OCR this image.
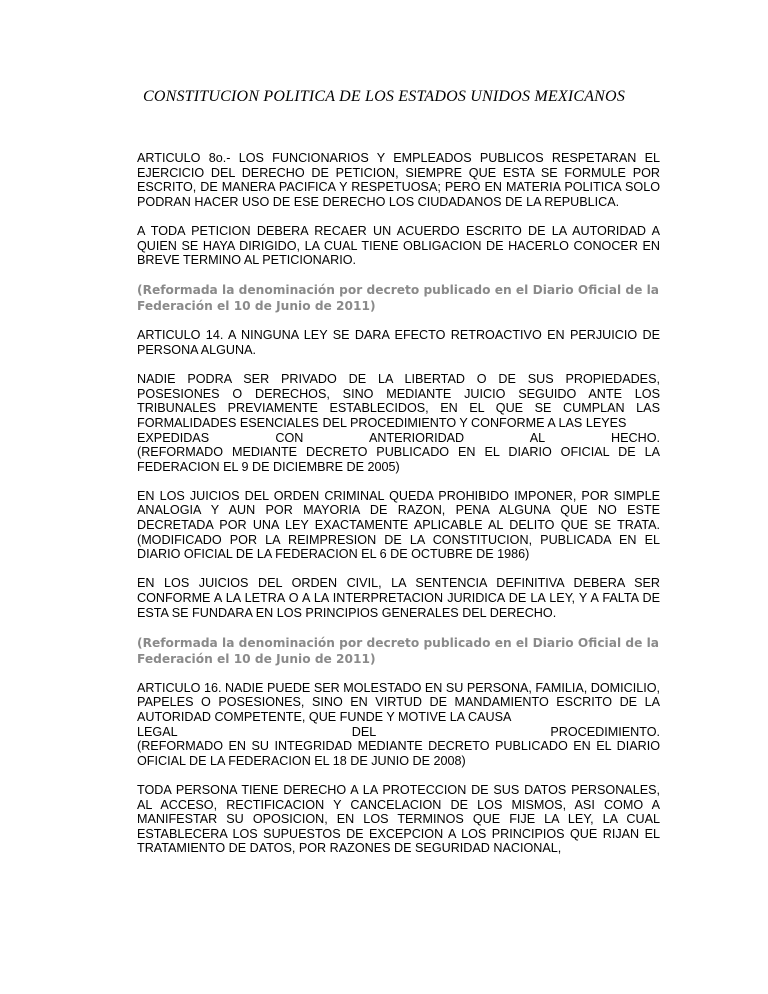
CONSTITUCION POLITICA DE LOS ESTADOS UNIDOS MEXICANOS

ARTICULO 8o.- LOS FUNCIONARIOS Y EMPLEADOS PUBLICOS RESPETARAN EL EJERCICIO DEL DERECHO DE PETICION, SIEMPRE QUE ESTA SE FORMULE POR ESCRITO, DE MANERA PACIFICA Y RESPETUOSA; PERO EN MATERIA POLITICA SOLO PODRAN HACER USO DE ESE DERECHO LOS CIUDADANOS DE LA REPUBLICA.

A TODA PETICION DEBERA RECAER UN ACUERDO ESCRITO DE LA AUTORIDAD A QUIEN SE HAYA DIRIGIDO, LA CUAL TIENE OBLIGACION DE HACERLO CONOCER EN BREVE TERMINO AL PETICIONARIO.

(Reformada la denominación por decreto publicado en el Diario Oficial de la Federación el 10 de Junio de 2011)

ARTICULO 14. A NINGUNA LEY SE DARA EFECTO RETROACTIVO EN PERJUICIO DE PERSONA ALGUNA.

NADIE PODRA SER PRIVADO DE LA LIBERTAD O DE SUS PROPIEDADES, POSESIONES O DERECHOS, SINO MEDIANTE JUICIO SEGUIDO ANTE LOS TRIBUNALES PREVIAMENTE ESTABLECIDOS, EN EL QUE SE CUMPLAN LAS FORMALIDADES ESENCIALES DEL PROCEDIMIENTO Y CONFORME A LAS LEYES
EXPEDIDAS CON ANTERIORIDAD AL HECHO.
(REFORMADO MEDIANTE DECRETO PUBLICADO EN EL DIARIO OFICIAL DE LA FEDERACION EL 9 DE DICIEMBRE DE 2005)

EN LOS JUICIOS DEL ORDEN CRIMINAL QUEDA PROHIBIDO IMPONER, POR SIMPLE ANALOGIA Y AUN POR MAYORIA DE RAZON, PENA ALGUNA QUE NO ESTE DECRETADA POR UNA LEY EXACTAMENTE APLICABLE AL DELITO QUE SE TRATA. (MODIFICADO POR LA REIMPRESION DE LA CONSTITUCION, PUBLICADA EN EL DIARIO OFICIAL DE LA FEDERACION EL 6 DE OCTUBRE DE 1986)

EN LOS JUICIOS DEL ORDEN CIVIL, LA SENTENCIA DEFINITIVA DEBERA SER CONFORME A LA LETRA O A LA INTERPRETACION JURIDICA DE LA LEY, Y A FALTA DE ESTA SE FUNDARA EN LOS PRINCIPIOS GENERALES DEL DERECHO.

(Reformada la denominación por decreto publicado en el Diario Oficial de la Federación el 10 de Junio de 2011)

ARTICULO 16. NADIE PUEDE SER MOLESTADO EN SU PERSONA, FAMILIA, DOMICILIO, PAPELES O POSESIONES, SINO EN VIRTUD DE MANDAMIENTO ESCRITO DE LA AUTORIDAD COMPETENTE, QUE FUNDE Y MOTIVE LA CAUSA
LEGAL DEL PROCEDIMIENTO.
(REFORMADO EN SU INTEGRIDAD MEDIANTE DECRETO PUBLICADO EN EL DIARIO OFICIAL DE LA FEDERACION EL 18 DE JUNIO DE 2008)

TODA PERSONA TIENE DERECHO A LA PROTECCION DE SUS DATOS PERSONALES, AL ACCESO, RECTIFICACION Y CANCELACION DE LOS MISMOS, ASI COMO A MANIFESTAR SU OPOSICION, EN LOS TERMINOS QUE FIJE LA LEY, LA CUAL ESTABLECERA LOS SUPUESTOS DE EXCEPCION A LOS PRINCIPIOS QUE RIJAN EL TRATAMIENTO DE DATOS, POR RAZONES DE SEGURIDAD NACIONAL,
